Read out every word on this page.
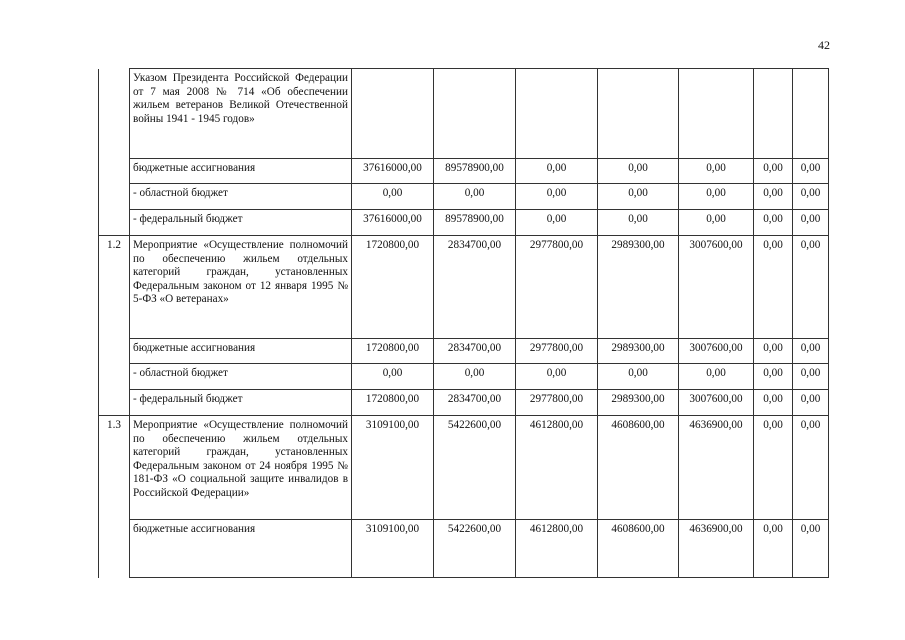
42
	Указом Президента Российской Федерации от 7 мая 2008 № 714 «Об обеспечении жильем ветеранов Великой Отечественной войны 1941 - 1945 годов»							
	бюджетные ассигнования	37616000,00	89578900,00	0,00	0,00	0,00	0,00	0,00
	- областной бюджет	0,00	0,00	0,00	0,00	0,00	0,00	0,00
	- федеральный бюджет	37616000,00	89578900,00	0,00	0,00	0,00	0,00	0,00
1.2	Мероприятие «Осуществление полномочий по обеспечению жильем отдельных категорий граждан, установленных Федеральным законом от 12 января 1995 № 5-ФЗ «О ветеранах»	1720800,00	2834700,00	2977800,00	2989300,00	3007600,00	0,00	0,00
	бюджетные ассигнования	1720800,00	2834700,00	2977800,00	2989300,00	3007600,00	0,00	0,00
	- областной бюджет	0,00	0,00	0,00	0,00	0,00	0,00	0,00
	- федеральный бюджет	1720800,00	2834700,00	2977800,00	2989300,00	3007600,00	0,00	0,00
1.3	Мероприятие «Осуществление полномочий по обеспечению жильем отдельных категорий граждан, установленных Федеральным законом от 24 ноября 1995 № 181-ФЗ «О социальной защите инвалидов в Российской Федерации»	3109100,00	5422600,00	4612800,00	4608600,00	4636900,00	0,00	0,00
	бюджетные ассигнования	3109100,00	5422600,00	4612800,00	4608600,00	4636900,00	0,00	0,00
